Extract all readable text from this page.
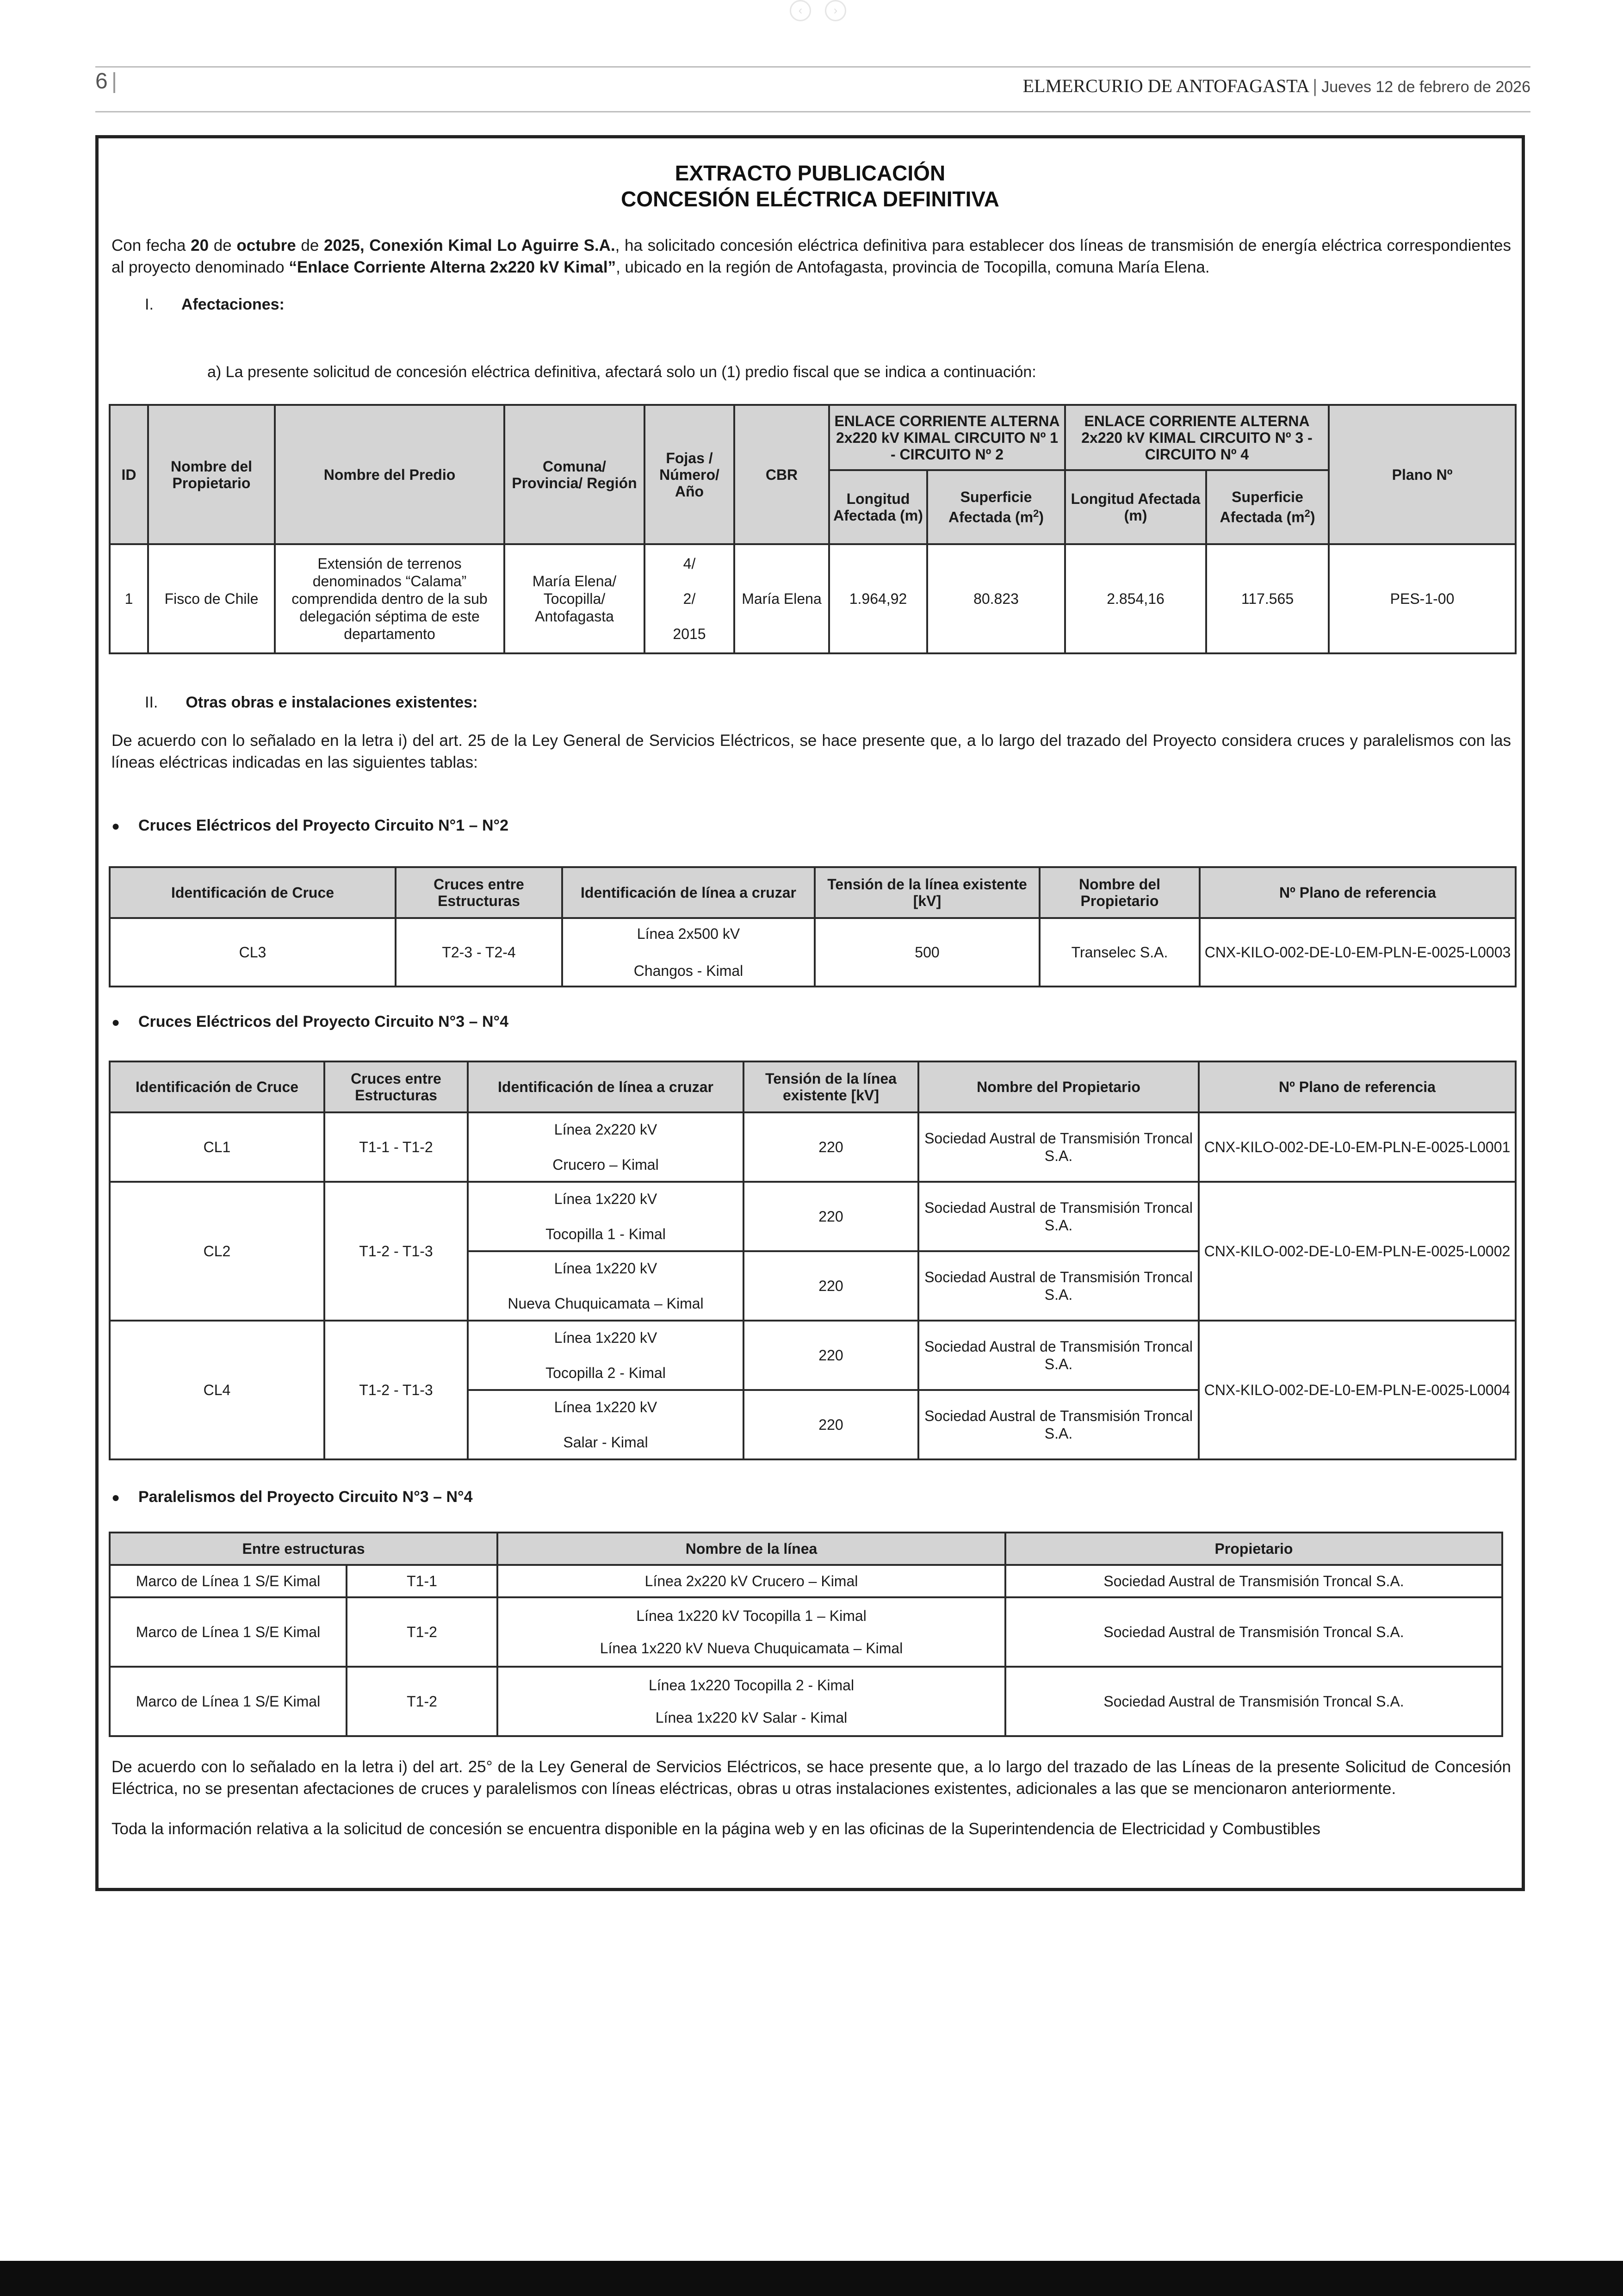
‹	›
6 |	ELMERCURIO DE ANTOFAGASTA | Jueves 12 de febrero de 2026
EXTRACTO PUBLICACIÓN
CONCESIÓN ELÉCTRICA DEFINITIVA
Con fecha 20 de octubre de 2025, Conexión Kimal Lo Aguirre S.A., ha solicitado concesión eléctrica definitiva para establecer dos líneas de transmisión de energía eléctrica correspondientes al proyecto denominado “Enlace Corriente Alterna 2x220 kV Kimal”, ubicado en la región de Antofagasta, provincia de Tocopilla, comuna María Elena.
I. Afectaciones:
a) La presente solicitud de concesión eléctrica definitiva, afectará solo un (1) predio fiscal que se indica a continuación:
ID	Nombre del Propietario	Nombre del Predio	Comuna/ Provincia/ Región	Fojas / Número/ Año	CBR	ENLACE CORRIENTE ALTERNA 2x220 kV KIMAL CIRCUITO Nº 1 - CIRCUITO Nº 2		ENLACE CORRIENTE ALTERNA 2x220 kV KIMAL CIRCUITO Nº 3 - CIRCUITO Nº 4		Plano Nº
						Longitud Afectada (m)	Superficie Afectada $(m^2)$	Longitud Afectada (m)	Superficie Afectada $(m^2)$	
1	Fisco de Chile	Extensión de terrenos denominados “Calama” comprendida dentro de la sub delegación séptima de este departamento	María Elena/ Tocopilla/ Antofagasta	4/
2/
2015	María Elena	1.964,92	80.823	2.854,16	117.565	PES-1-00
II. Otras obras e instalaciones existentes:
De acuerdo con lo señalado en la letra i) del art. 25 de la Ley General de Servicios Eléctricos, se hace presente que, a lo largo del trazado del Proyecto considera cruces y paralelismos con las líneas eléctricas indicadas en las siguientes tablas:
● Cruces Eléctricos del Proyecto Circuito N°1 – N°2
Identificación de Cruce	Cruces entre Estructuras	Identificación de línea a cruzar	Tensión de la línea existente [kV]	Nombre del Propietario	Nº Plano de referencia
CL3	T2-3 - T2-4	Línea 2x500 kV
Changos - Kimal	500	Transelec S.A.	CNX-KILO-002-DE-L0-EM-PLN-E-0025-L0003
● Cruces Eléctricos del Proyecto Circuito N°3 – N°4
Identificación de Cruce	Cruces entre Estructuras	Identificación de línea a cruzar	Tensión de la línea existente [kV]	Nombre del Propietario	Nº Plano de referencia
CL1	T1-1 - T1-2	Línea 2x220 kV
Crucero – Kimal	220	Sociedad Austral de Transmisión Troncal S.A.	CNX-KILO-002-DE-L0-EM-PLN-E-0025-L0001
CL2	T1-2 - T1-3	Línea 1x220 kV
Tocopilla 1 - Kimal	220	Sociedad Austral de Transmisión Troncal S.A.	CNX-KILO-002-DE-L0-EM-PLN-E-0025-L0002

		Línea 1x220 kV
Nueva Chuquicamata – Kimal	220	Sociedad Austral de Transmisión Troncal S.A.	
CL4	T1-2 - T1-3	Línea 1x220 kV
Tocopilla 2 - Kimal	220	Sociedad Austral de Transmisión Troncal S.A.	CNX-KILO-002-DE-L0-EM-PLN-E-0025-L0004

		Línea 1x220 kV
Salar - Kimal	220	Sociedad Austral de Transmisión Troncal S.A.	
● Paralelismos del Proyecto Circuito N°3 – N°4
Entre estructuras		Nombre de la línea	Propietario
Marco de Línea 1 S/E Kimal	T1-1	Línea 2x220 kV Crucero – Kimal	Sociedad Austral de Transmisión Troncal S.A.
Marco de Línea 1 S/E Kimal	T1-2	Línea 1x220 kV Tocopilla 1 – Kimal
Línea 1x220 kV Nueva Chuquicamata – Kimal	Sociedad Austral de Transmisión Troncal S.A.
Marco de Línea 1 S/E Kimal	T1-2	Línea 1x220 Tocopilla 2 - Kimal
Línea 1x220 kV Salar - Kimal	Sociedad Austral de Transmisión Troncal S.A.
De acuerdo con lo señalado en la letra i) del art. 25° de la Ley General de Servicios Eléctricos, se hace presente que, a lo largo del trazado de las Líneas de la presente Solicitud de Concesión Eléctrica, no se presentan afectaciones de cruces y paralelismos con líneas eléctricas, obras u otras instalaciones existentes, adicionales a las que se mencionaron anteriormente.
Toda la información relativa a la solicitud de concesión se encuentra disponible en la página web y en las oficinas de la Superintendencia de Electricidad y Combustibles
